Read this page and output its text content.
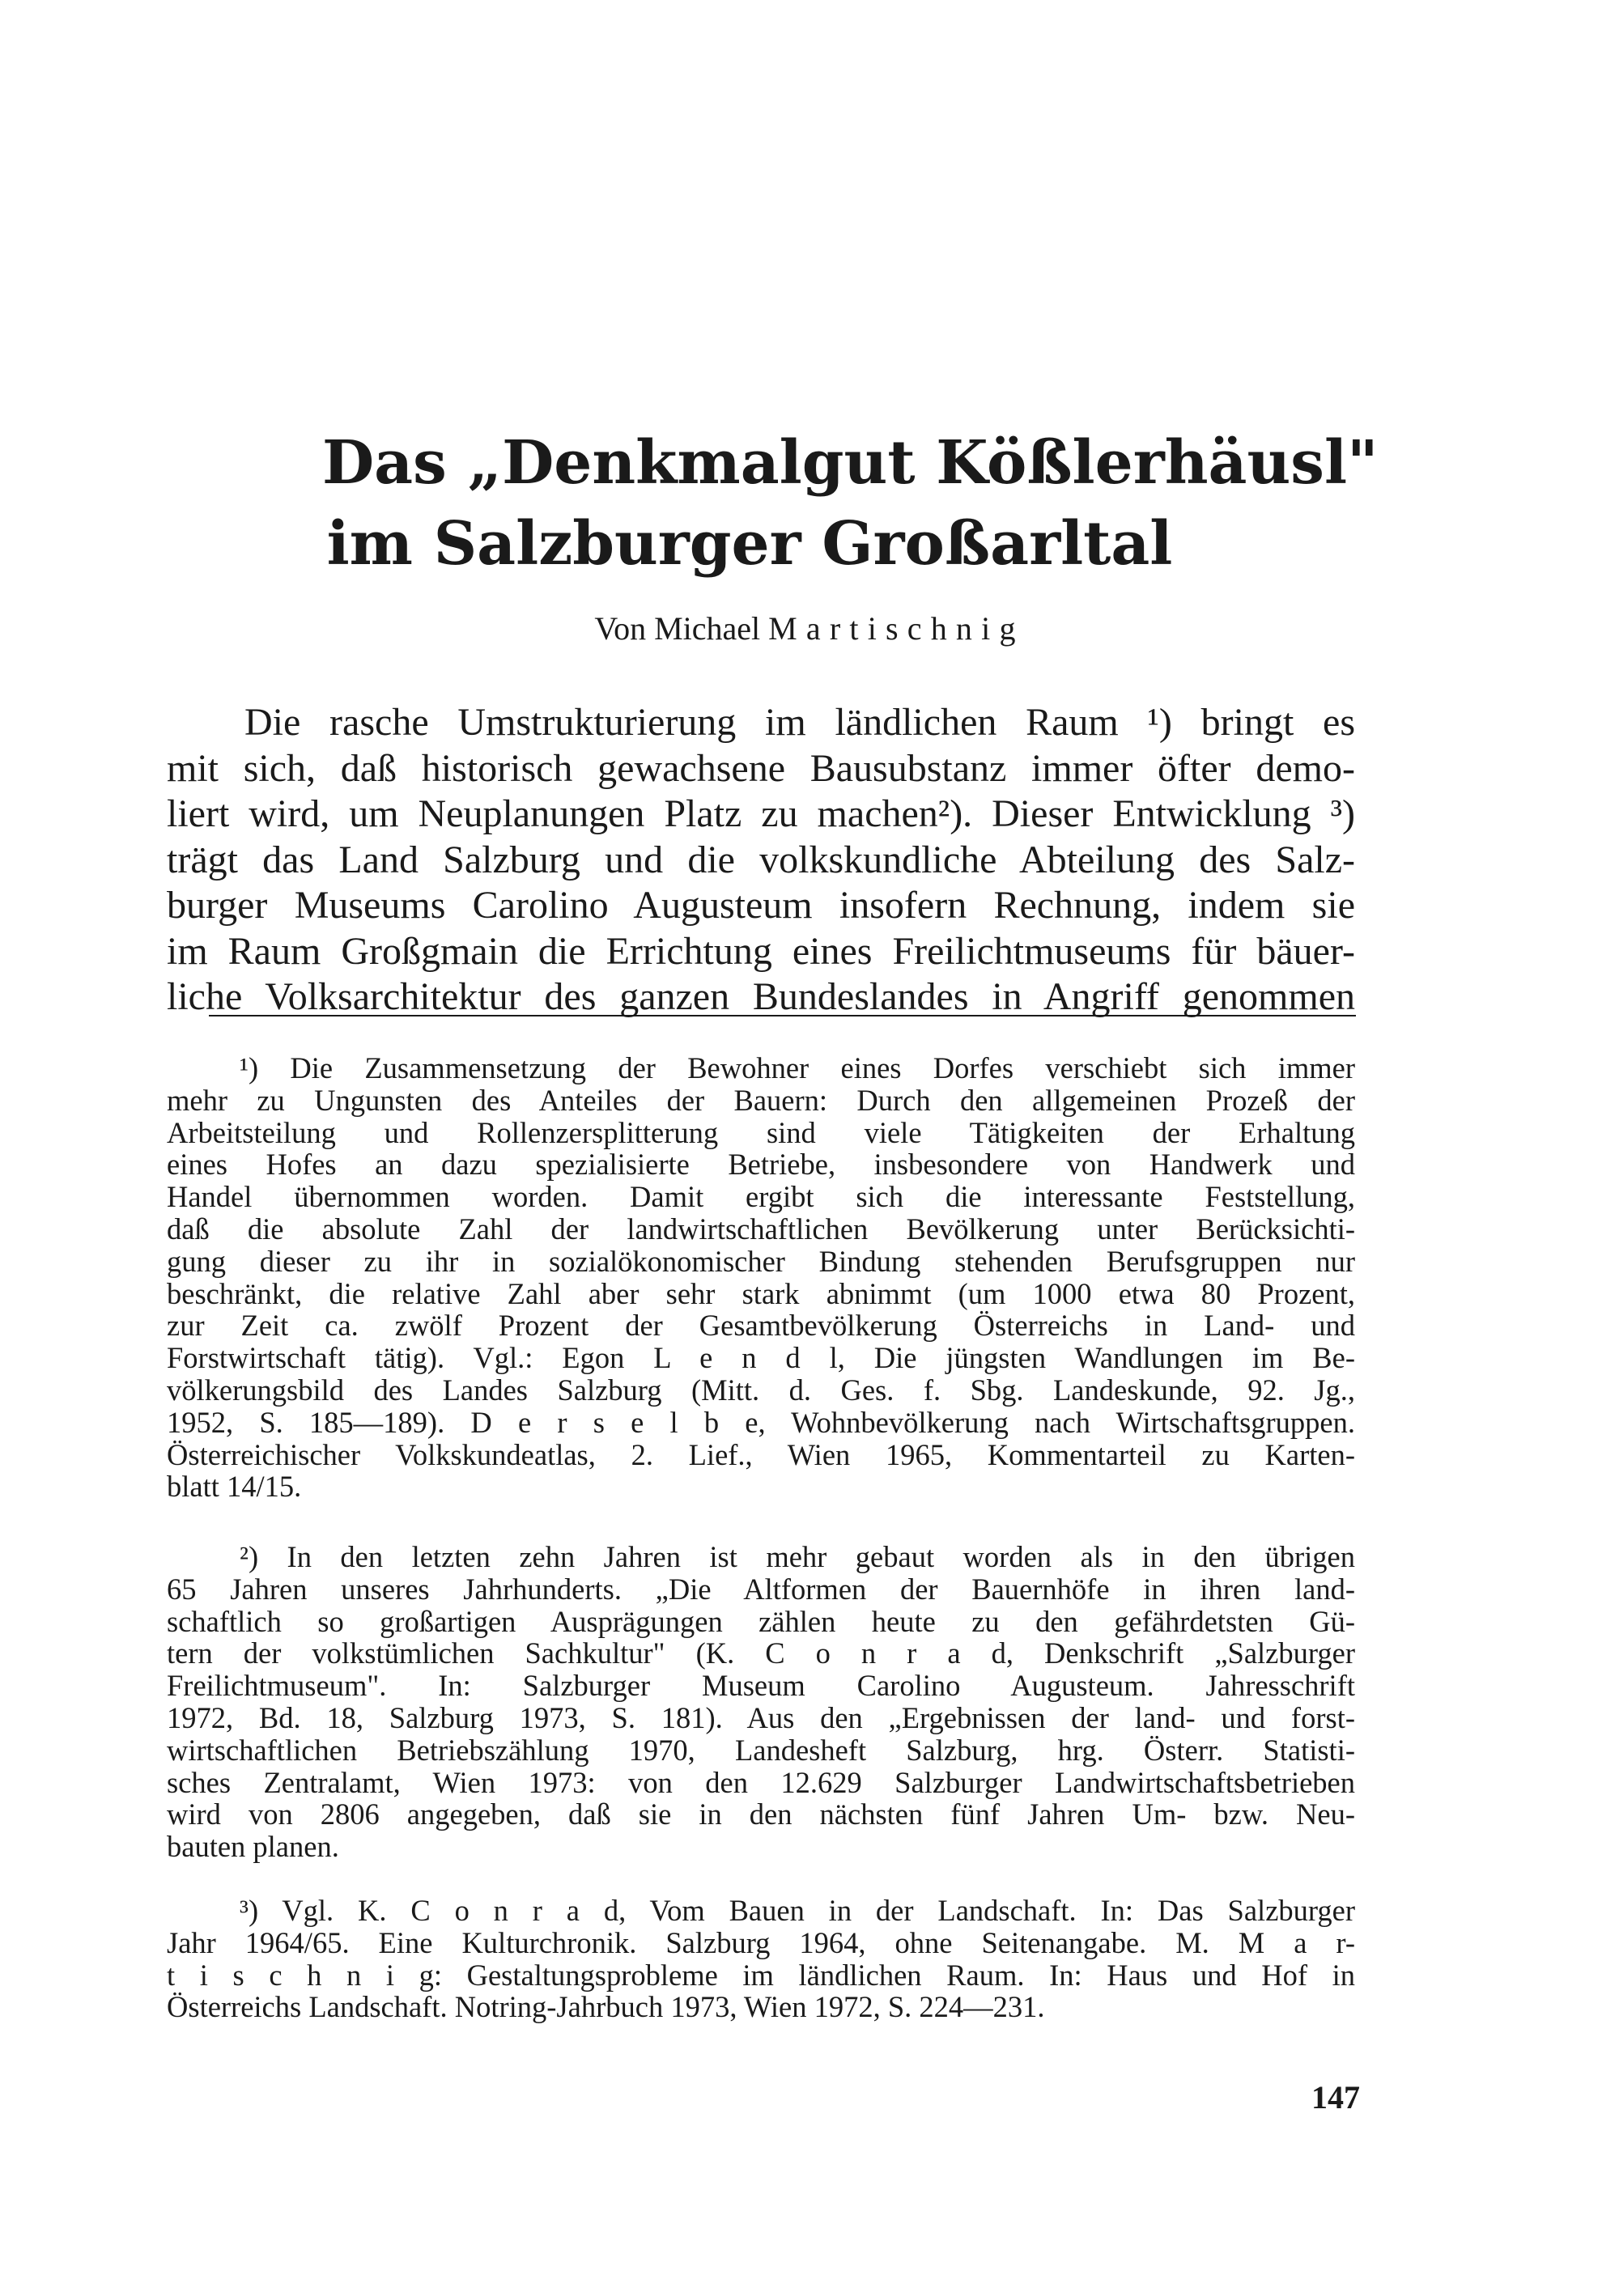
Das „Denkmalgut Kößlerhäusl"
im Salzburger Großarltal
Von Michael Martischnig
Die rasche Umstrukturierung im ländlichen Raum ¹) bringt es
mit sich, daß historisch gewachsene Bausubstanz immer öfter demo-
liert wird, um Neuplanungen Platz zu machen²). Dieser Entwicklung ³)
trägt das Land Salzburg und die volkskundliche Abteilung des Salz-
burger Museums Carolino Augusteum insofern Rechnung, indem sie
im Raum Großgmain die Errichtung eines Freilichtmuseums für bäuer-
liche Volksarchitektur des ganzen Bundeslandes in Angriff genommen
¹) Die Zusammensetzung der Bewohner eines Dorfes verschiebt sich immer
mehr zu Ungunsten des Anteiles der Bauern: Durch den allgemeinen Prozeß der
Arbeitsteilung und Rollenzersplitterung sind viele Tätigkeiten der Erhaltung
eines Hofes an dazu spezialisierte Betriebe, insbesondere von Handwerk und
Handel übernommen worden. Damit ergibt sich die interessante Feststellung,
daß die absolute Zahl der landwirtschaftlichen Bevölkerung unter Berücksichti-
gung dieser zu ihr in sozialökonomischer Bindung stehenden Berufsgruppen nur
beschränkt, die relative Zahl aber sehr stark abnimmt (um 1000 etwa 80 Prozent,
zur Zeit ca. zwölf Prozent der Gesamtbevölkerung Österreichs in Land- und
Forstwirtschaft tätig). Vgl.: Egon L e n d l, Die jüngsten Wandlungen im Be-
völkerungsbild des Landes Salzburg (Mitt. d. Ges. f. Sbg. Landeskunde, 92. Jg.,
1952, S. 185—189). D e r s e l b e, Wohnbevölkerung nach Wirtschaftsgruppen.
Österreichischer Volkskundeatlas, 2. Lief., Wien 1965, Kommentarteil zu Karten-
blatt 14/15.
²) In den letzten zehn Jahren ist mehr gebaut worden als in den übrigen
65 Jahren unseres Jahrhunderts. „Die Altformen der Bauernhöfe in ihren land-
schaftlich so großartigen Ausprägungen zählen heute zu den gefährdetsten Gü-
tern der volkstümlichen Sachkultur" (K. C o n r a d, Denkschrift „Salzburger
Freilichtmuseum". In: Salzburger Museum Carolino Augusteum. Jahresschrift
1972, Bd. 18, Salzburg 1973, S. 181). Aus den „Ergebnissen der land- und forst-
wirtschaftlichen Betriebszählung 1970, Landesheft Salzburg, hrg. Österr. Statisti-
sches Zentralamt, Wien 1973: von den 12.629 Salzburger Landwirtschaftsbetrieben
wird von 2806 angegeben, daß sie in den nächsten fünf Jahren Um- bzw. Neu-
bauten planen.
³) Vgl. K. C o n r a d, Vom Bauen in der Landschaft. In: Das Salzburger
Jahr 1964/65. Eine Kulturchronik. Salzburg 1964, ohne Seitenangabe. M. M a r-
t i s c h n i g: Gestaltungsprobleme im ländlichen Raum. In: Haus und Hof in
Österreichs Landschaft. Notring-Jahrbuch 1973, Wien 1972, S. 224—231.
147
